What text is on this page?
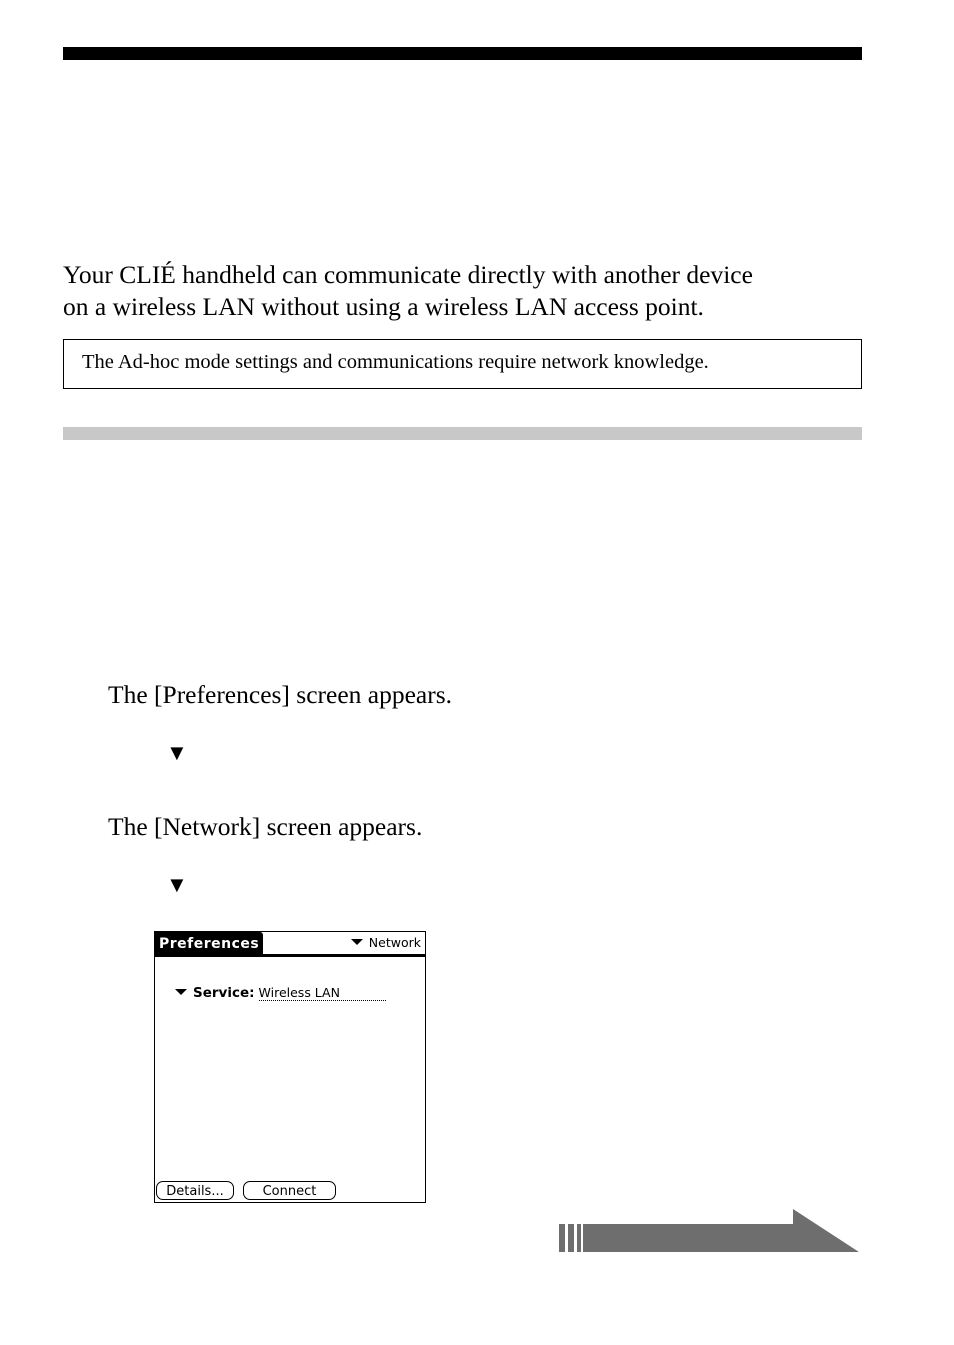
Your CLIÉ handheld can communicate directly with another device
on a wireless LAN without using a wireless LAN access point.
The Ad-hoc mode settings and communications require network knowledge.
The [Preferences] screen appears.
▼
The [Network] screen appears.
▼
Preferences	Network
Service: Wireless LAN
Details...	Connect
